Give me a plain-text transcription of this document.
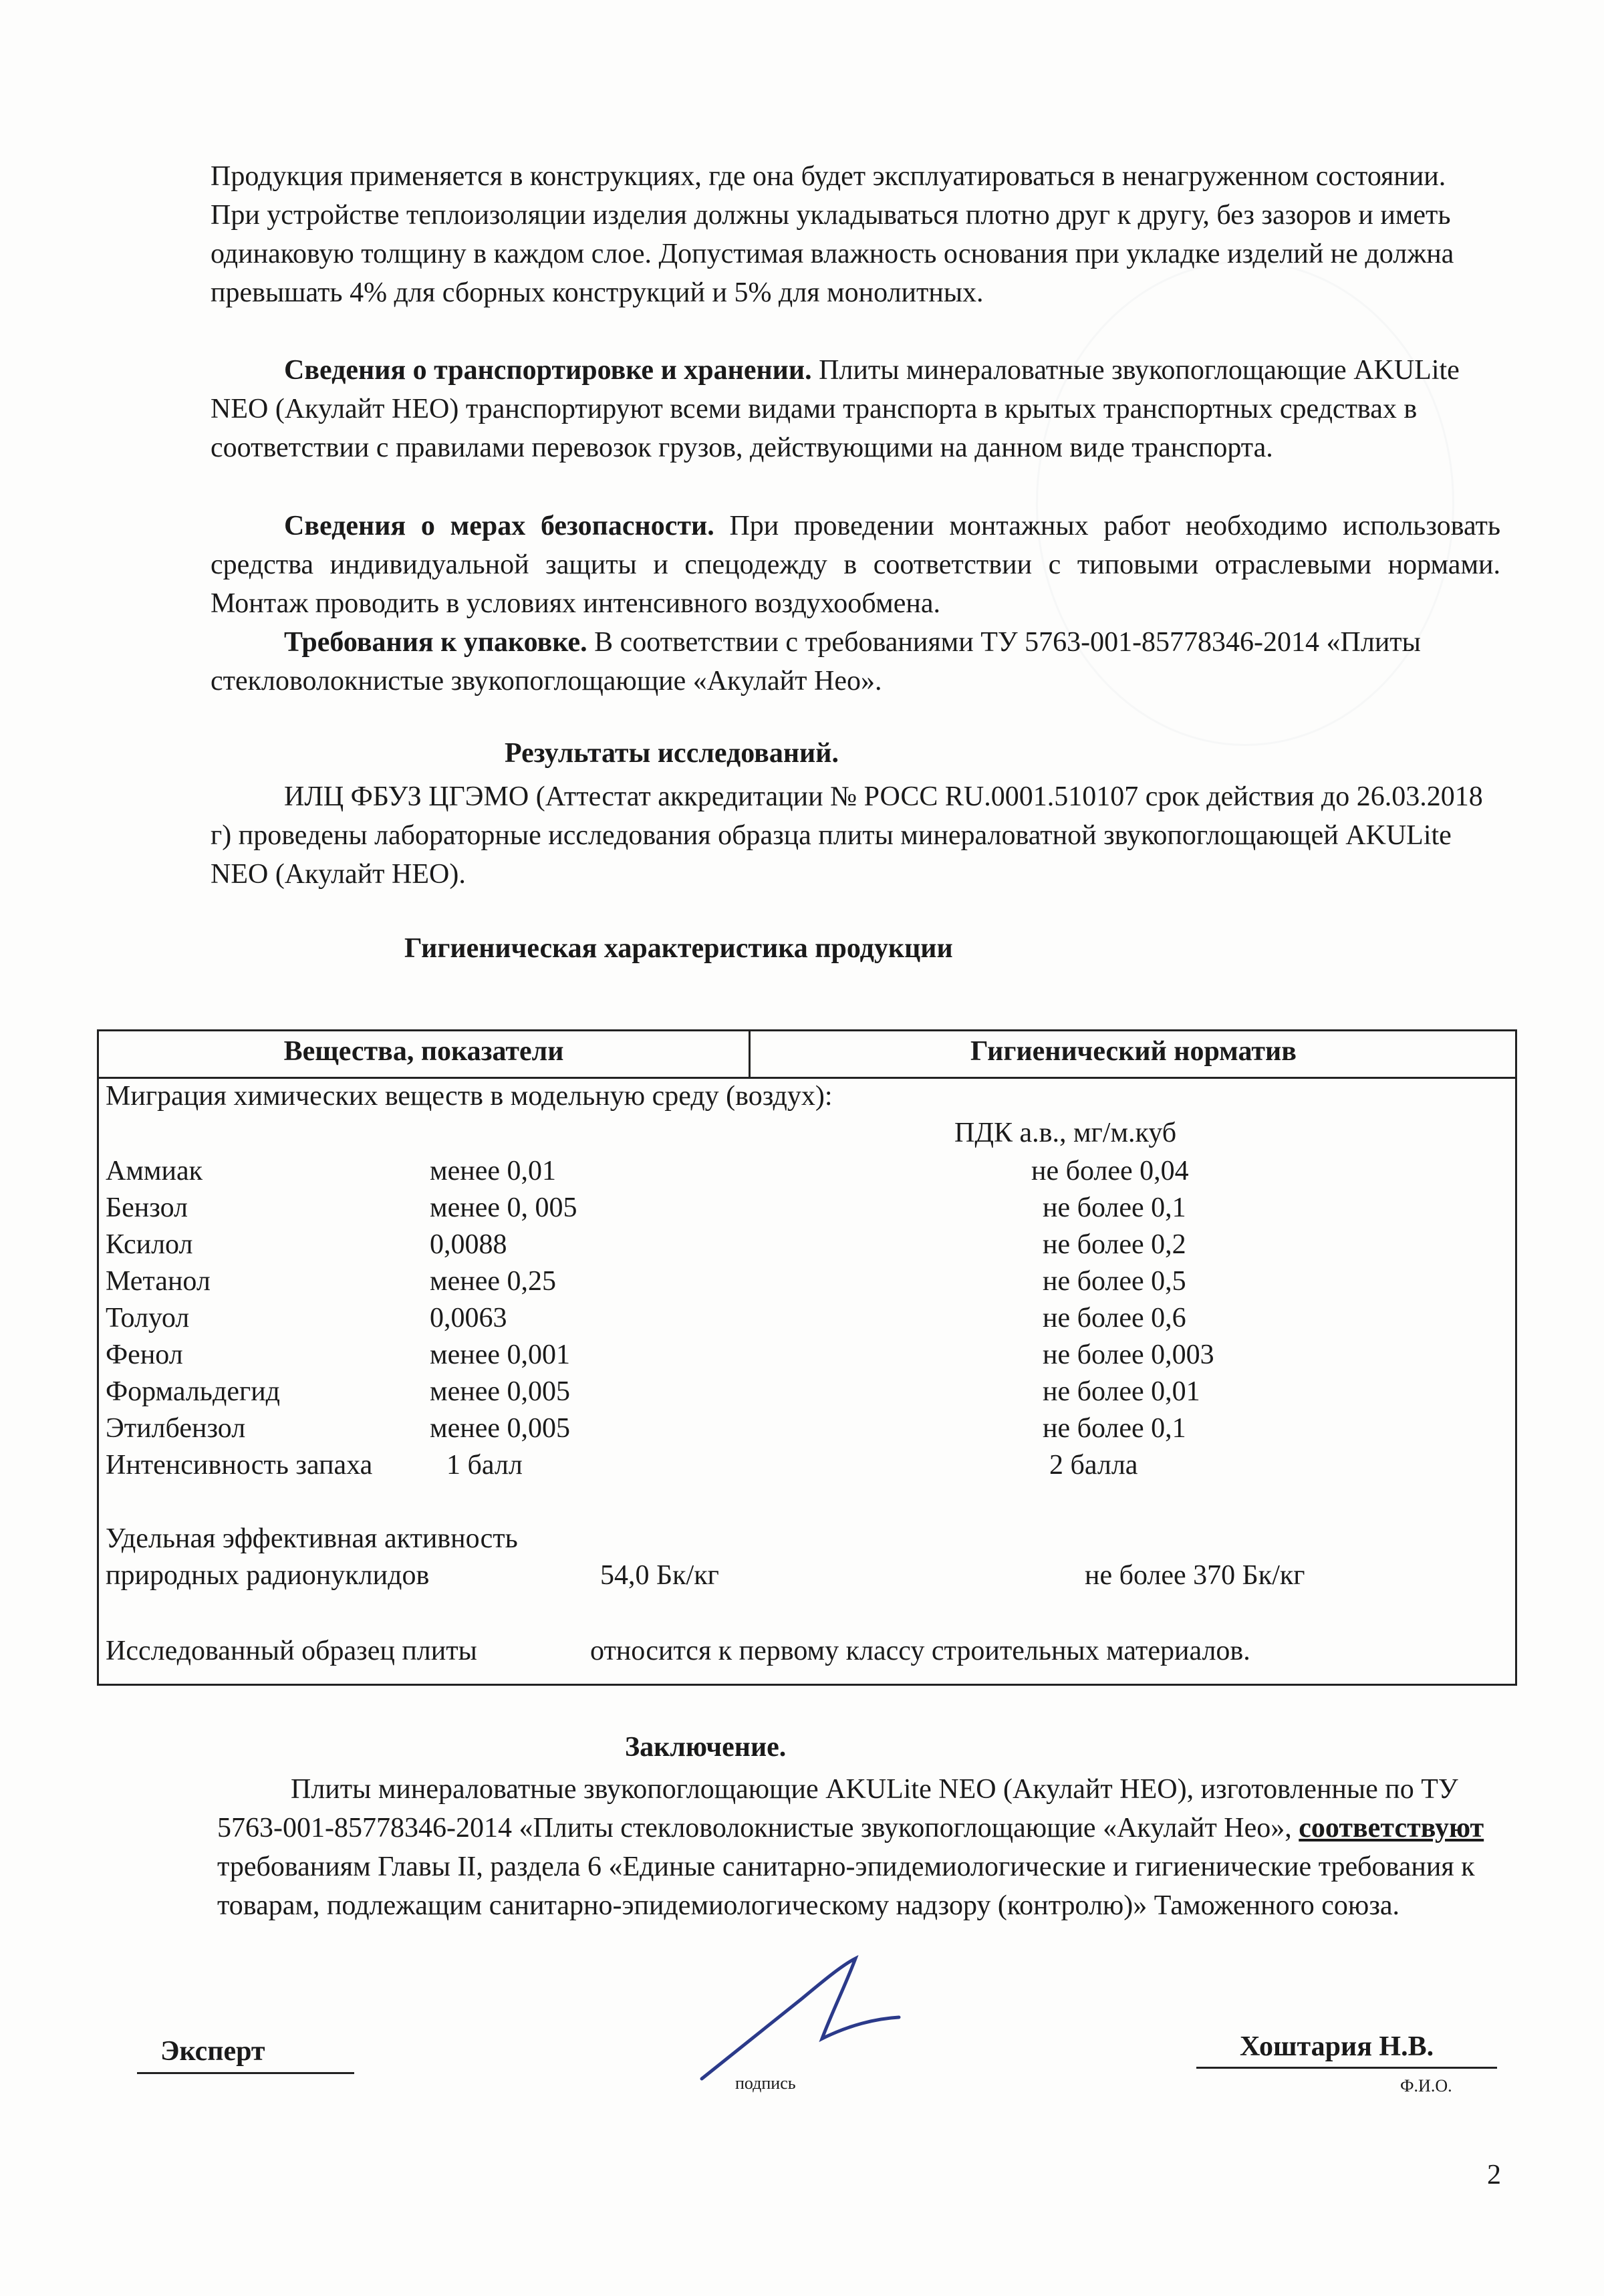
Продукция применяется в конструкциях, где она будет эксплуатироваться в ненагруженном состоянии. При устройстве теплоизоляции изделия должны укладываться плотно друг к другу, без зазоров и иметь одинаковую толщину в каждом слое. Допустимая влажность основания при укладке изделий не должна превышать 4% для сборных конструкций и 5% для монолитных.

Сведения о транспортировке и хранении. Плиты минераловатные звукопоглощающие AKULite NEO (Акулайт НЕО) транспортируют всеми видами транспорта в крытых транспортных средствах в соответствии с правилами перевозок грузов, действующими на данном виде транспорта.

Сведения о мерах безопасности. При проведении монтажных работ необходимо использовать средства индивидуальной защиты и спецодежду в соответствии с типовыми отраслевыми нормами. Монтаж проводить в условиях интенсивного воздухообмена.

Требования к упаковке. В соответствии с требованиями ТУ 5763-001-85778346-2014 «Плиты стекловолокнистые звукопоглощающие «Акулайт Нео».

Результаты исследований.

ИЛЦ ФБУЗ ЦГЭМО (Аттестат аккредитации № РОСС RU.0001.510107 срок действия до 26.03.2018 г) проведены лабораторные исследования образца плиты минераловатной звукопоглощающей AKULite NEO (Акулайт НЕО).

Гигиеническая характеристика продукции

Вещества, показатели	Гигиенический норматив
Миграция химических веществ в модельную среду (воздух):
ПДК а.в., мг/м.куб
Аммиак	менее 0,01	не более 0,04
Бензол	менее 0, 005	не более 0,1
Ксилол	0,0088	не более 0,2
Метанол	менее 0,25	не более 0,5
Толуол	0,0063	не более 0,6
Фенол	менее 0,001	не более 0,003
Формальдегид	менее 0,005	не более 0,01
Этилбензол	менее 0,005	не более 0,1
Интенсивность запаха	1 балл	2 балла
Удельная эффективная активность
природных радионуклидов	54,0 Бк/кг	не более 370 Бк/кг
Исследованный образец плиты	относится к первому классу строительных материалов.

Заключение.

Плиты минераловатные звукопоглощающие AKULite NEO (Акулайт НЕО), изготовленные по ТУ 5763-001-85778346-2014 «Плиты стекловолокнистые звукопоглощающие «Акулайт Нео», соответствуют требованиям Главы II, раздела 6 «Единые санитарно-эпидемиологические и гигиенические требования к товарам, подлежащим санитарно-эпидемиологическому надзору (контролю)» Таможенного союза.

Эксперт
подпись
Хоштария Н.В.
Ф.И.О.
2
